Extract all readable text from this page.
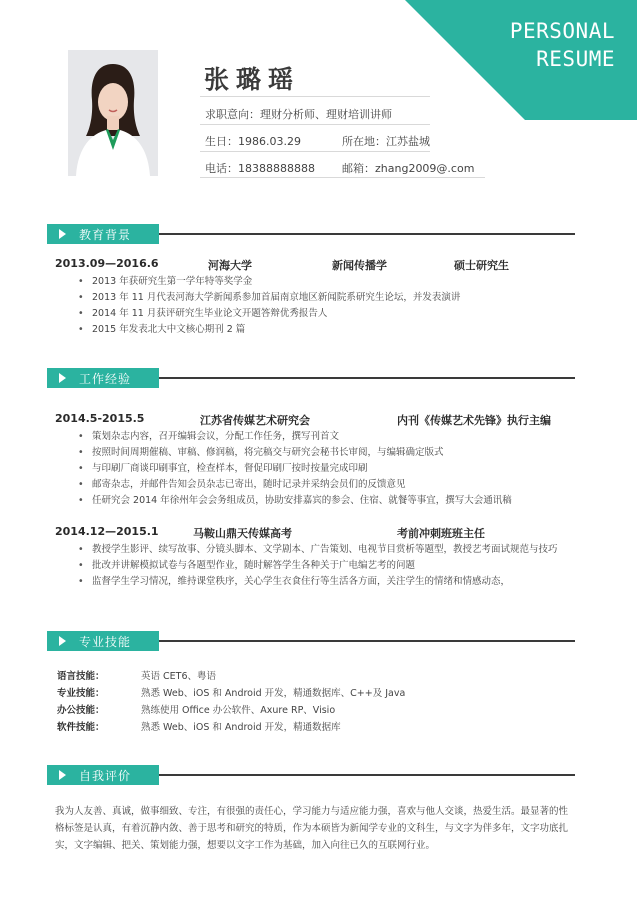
PERSONAL
RESUME
张璐瑶
求职意向：理财分析师、理财培训讲师
生日：1986.03.29	所在地：江苏盐城
电话：18388888888 邮箱：zhang2009@.com
教育背景
2013.09—2016.6	河海大学	新闻传播学	硕士研究生
• 2013 年获研究生第一学年特等奖学金
• 2013 年 11 月代表河海大学新闻系参加首届南京地区新闻院系研究生论坛，并发表演讲
• 2014 年 11 月获评研究生毕业论文开题答辩优秀报告人
• 2015 年发表北大中文核心期刊 2 篇
工作经验
2014.5-2015.5	江苏省传媒艺术研究会	内刊《传媒艺术先锋》执行主编
• 策划杂志内容，召开编辑会议，分配工作任务，撰写刊首文
• 按照时间周期催稿、审稿、修润稿，将完稿交与研究会秘书长审阅，与编辑确定版式
• 与印刷厂商谈印刷事宜，检查样本，督促印刷厂按时按量完成印刷
• 邮寄杂志，并邮件告知会员杂志已寄出，随时记录并采纳会员们的反馈意见
• 任研究会 2014 年徐州年会会务组成员，协助安排嘉宾的参会、住宿、就餐等事宜，撰写大会通讯稿
2014.12—2015.1	马鞍山鼎天传媒高考	考前冲刺班班主任
• 教授学生影评、续写故事、分镜头脚本、文学剧本、广告策划、电视节目赏析等题型，教授艺考面试规范与技巧
• 批改并讲解模拟试卷与各题型作业，随时解答学生各种关于广电编艺考的问题
• 监督学生学习情况，维持课堂秩序，关心学生衣食住行等生活各方面，关注学生的情绪和情感动态，
专业技能
语言技能：	英语 CET6、粤语
专业技能：	熟悉 Web、iOS 和 Android 开发，精通数据库、C++及 Java
办公技能：	熟练使用 Office 办公软件、Axure RP、Visio
软件技能：	熟悉 Web、iOS 和 Android 开发，精通数据库
自我评价
我为人友善、真诚，做事细致、专注，有很强的责任心，学习能力与适应能力强，喜欢与他人交谈，热爱生活。最显著的性格标签是认真，有着沉静内敛、善于思考和研究的特质，作为本硕皆为新闻学专业的文科生，与文字为伴多年，文字功底扎实，文字编辑、把关、策划能力强，想要以文字工作为基础，加入向往已久的互联网行业。
